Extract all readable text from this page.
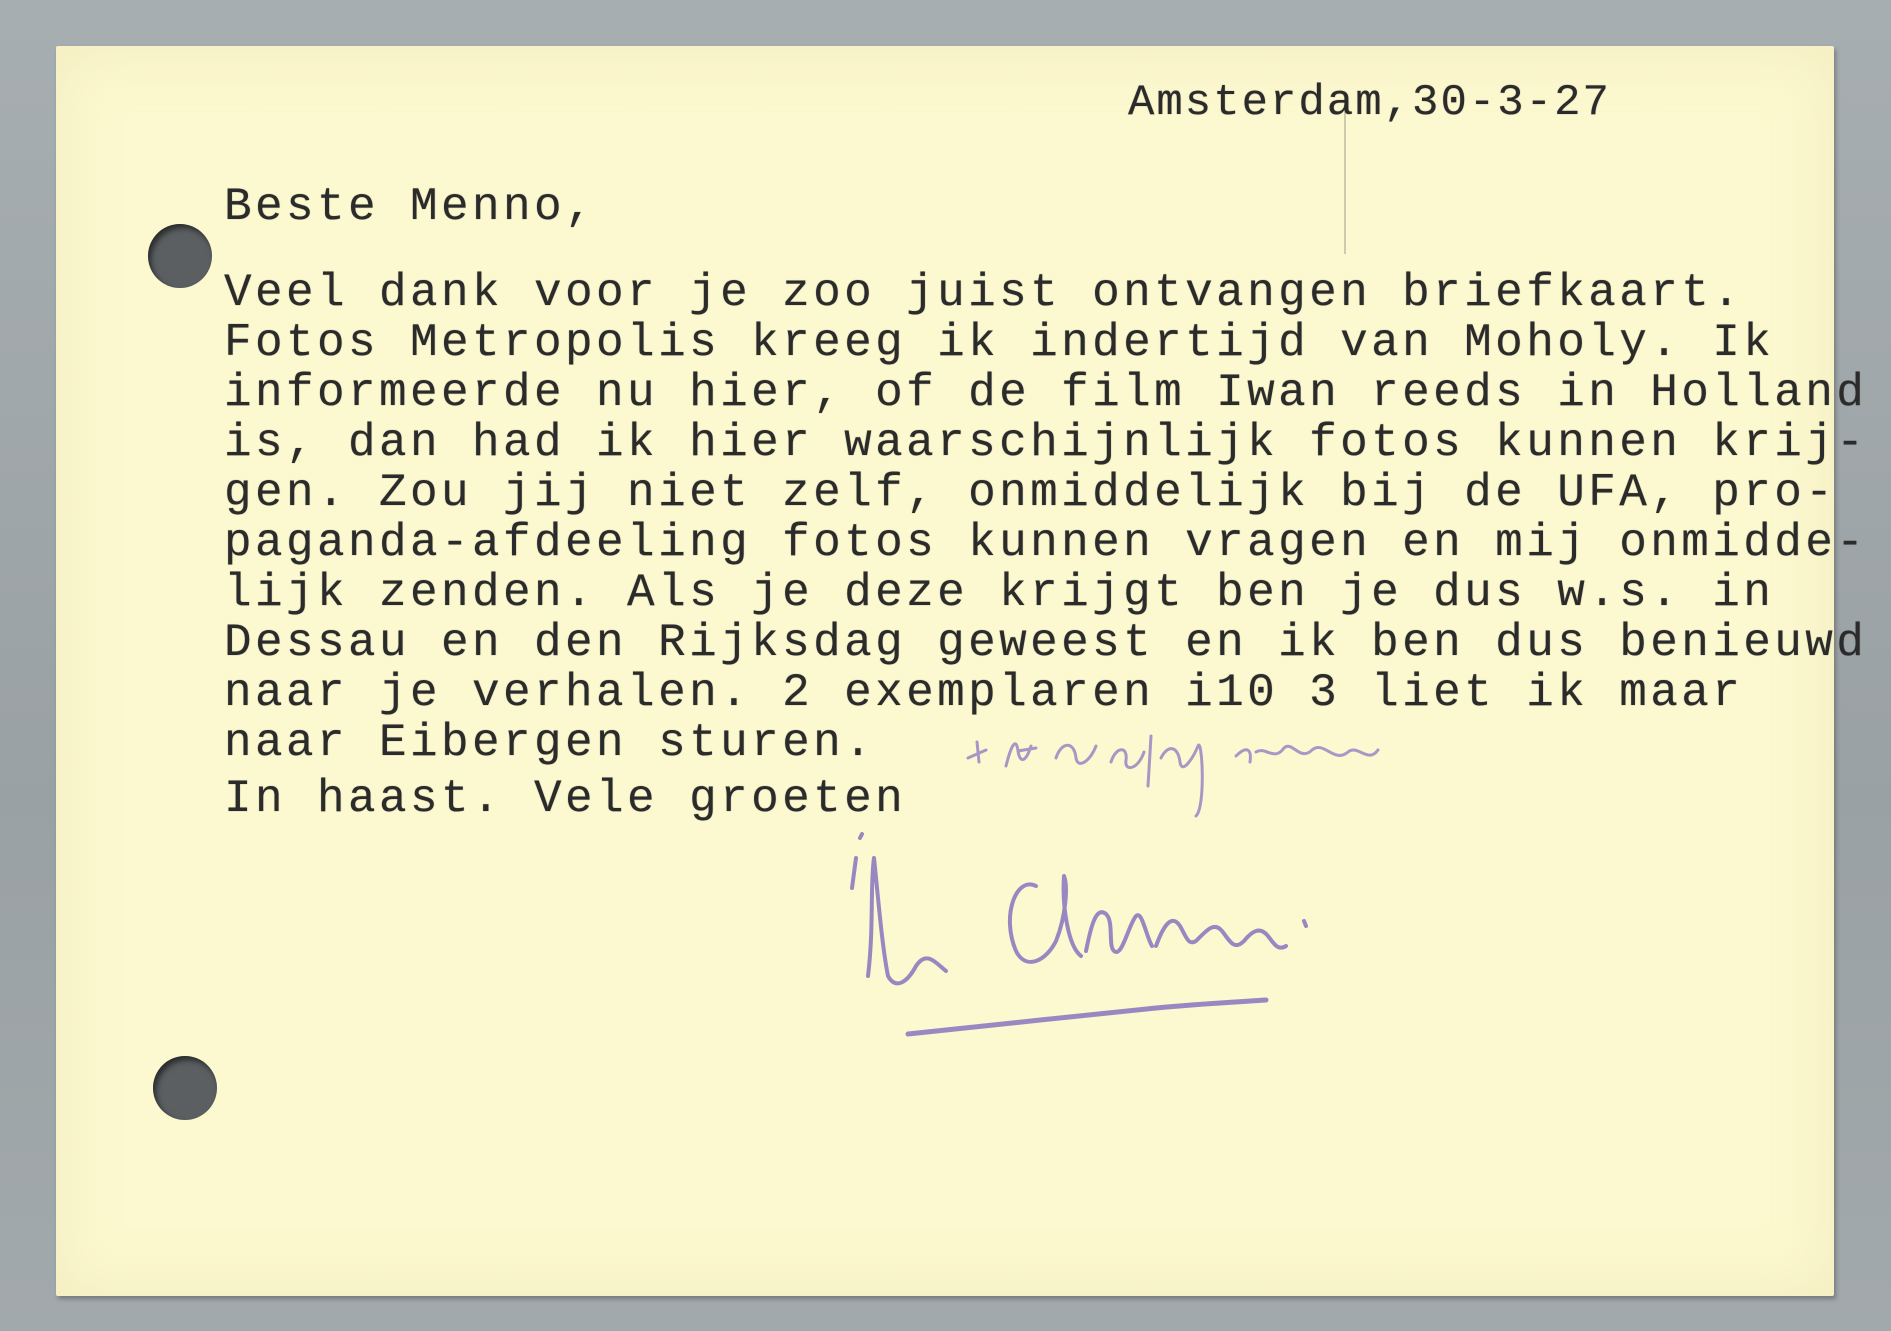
Amsterdam,30-3-27
Beste Menno,
Veel dank voor je zoo juist ontvangen briefkaart.
Fotos Metropolis kreeg ik indertijd van Moholy. Ik
informeerde nu hier, of de film Iwan reeds in Holland
is, dan had ik hier waarschijnlijk fotos kunnen krij-
gen. Zou jij niet zelf, onmiddelijk bij de UFA, pro-
paganda-afdeeling fotos kunnen vragen en mij onmidde-
lijk zenden. Als je deze krijgt ben je dus w.s. in
Dessau en den Rijksdag geweest en ik ben dus benieuwd
naar je verhalen. 2 exemplaren i10 3 liet ik maar
naar Eibergen sturen.
In haast. Vele groeten
